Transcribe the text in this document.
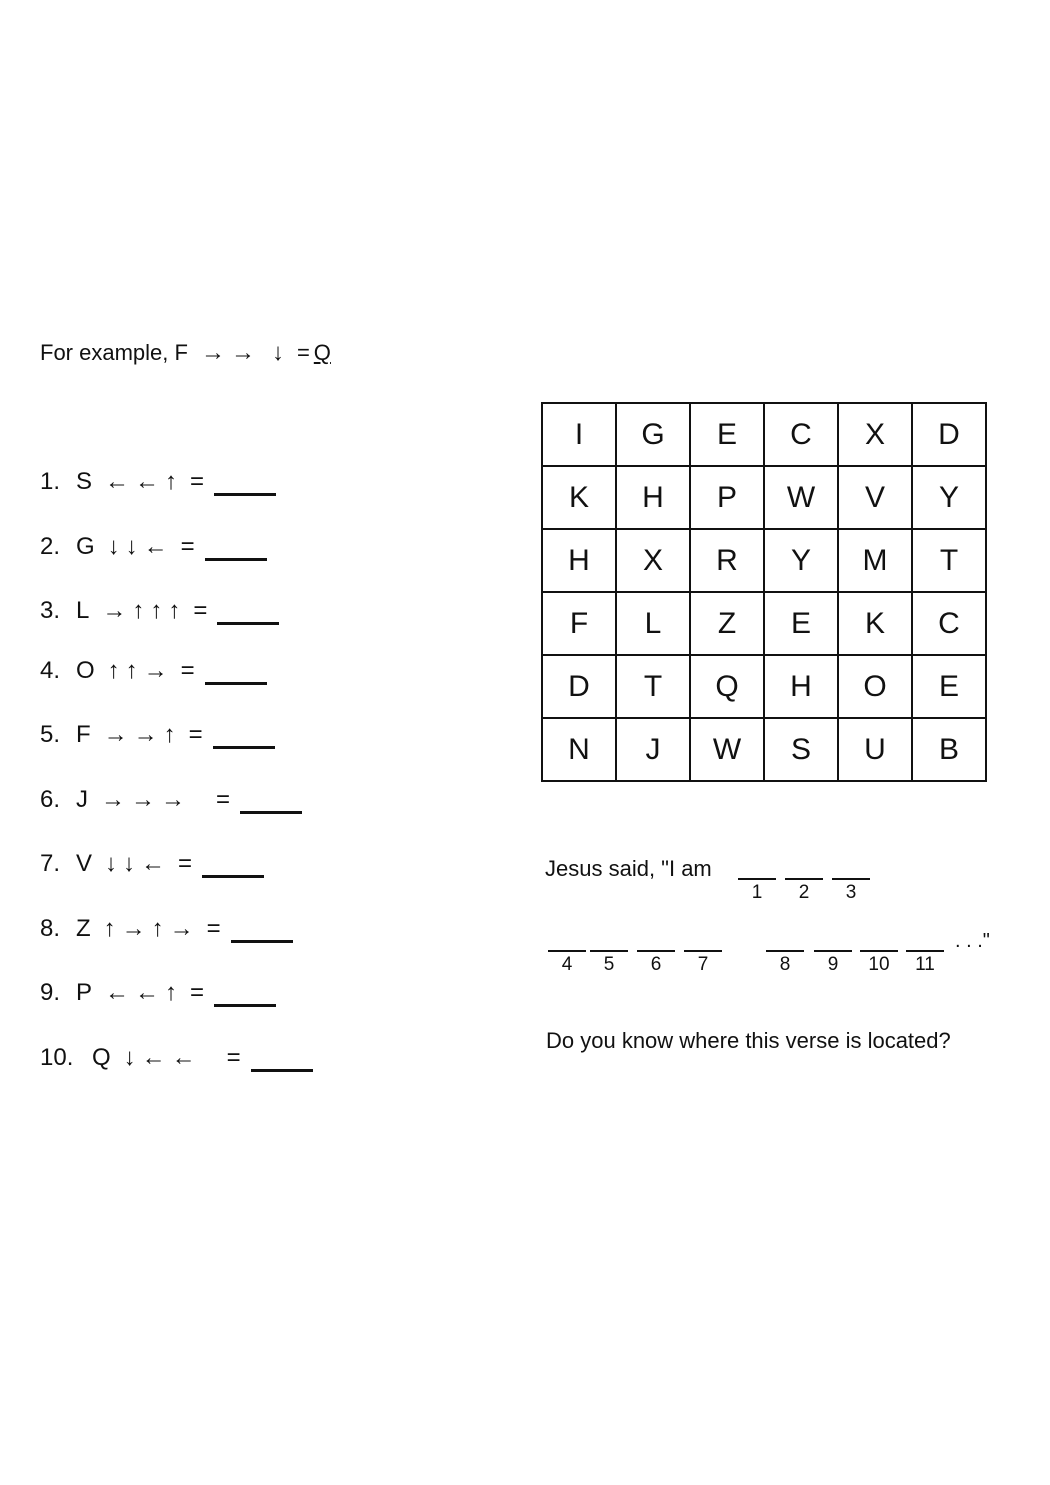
For example, F → → ↓ = Q
1. S ← ← ↑ =
2. G ↓ ↓ ← =
3. L → ↑ ↑ ↑ =
4. O ↑ ↑ → =
5. F → → ↑ =
6. J → → → =
7. V ↓ ↓ ← =
8. Z ↑ → ↑ → =
9. P ← ← ↑ =
10. Q ↓ ← ← =
I	G	E	C	X	D
K	H	P	W	V	Y
H	X	R	Y	M	T
F	L	Z	E	K	C
D	T	Q	H	O	E
N	J	W	S	U	B
Jesus said, "I am
1	2	3
4	5	6	7	8	9	10	11
. . ."
Do you know where this verse is located?
